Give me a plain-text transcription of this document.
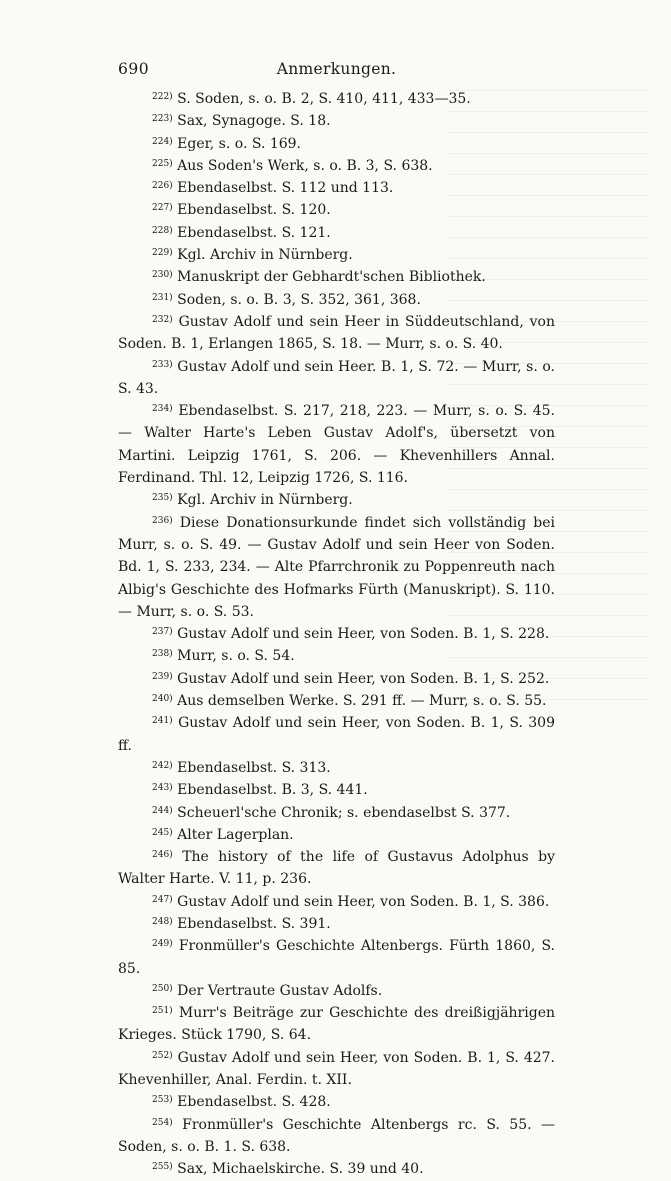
690	Anmerkungen.

$^{222)}$ S. Soden, s. o. B. 2, S. 410, 411, 433—35.

$^{223)}$ Sax, Synagoge. S. 18.

$^{224)}$ Eger, s. o. S. 169.

$^{225)}$ Aus Soden's Werk, s. o. B. 3, S. 638.

$^{226)}$ Ebendaselbst. S. 112 und 113.

$^{227)}$ Ebendaselbst. S. 120.

$^{228)}$ Ebendaselbst. S. 121.

$^{229)}$ Kgl. Archiv in Nürnberg.

$^{230)}$ Manuskript der Gebhardt'schen Bibliothek.

$^{231)}$ Soden, s. o. B. 3, S. 352, 361, 368.

$^{232)}$ Gustav Adolf und sein Heer in Süddeutschland, von Soden. B. 1, Erlangen 1865, S. 18. — Murr, s. o. S. 40.

$^{233)}$ Gustav Adolf und sein Heer. B. 1, S. 72. — Murr, s. o. S. 43.

$^{234)}$ Ebendaselbst. S. 217, 218, 223. — Murr, s. o. S. 45. — Walter Harte's Leben Gustav Adolf's, übersetzt von Martini. Leipzig 1761, S. 206. — Khevenhillers Annal. Ferdinand. Thl. 12, Leipzig 1726, S. 116.

$^{235)}$ Kgl. Archiv in Nürnberg.

$^{236)}$ Diese Donationsurkunde findet sich vollständig bei Murr, s. o. S. 49. — Gustav Adolf und sein Heer von Soden. Bd. 1, S. 233, 234. — Alte Pfarrchronik zu Poppenreuth nach Albig's Geschichte des Hofmarks Fürth (Manuskript). S. 110. — Murr, s. o. S. 53.

$^{237)}$ Gustav Adolf und sein Heer, von Soden. B. 1, S. 228.

$^{238)}$ Murr, s. o. S. 54.

$^{239)}$ Gustav Adolf und sein Heer, von Soden. B. 1, S. 252.

$^{240)}$ Aus demselben Werke. S. 291 ff. — Murr, s. o. S. 55.

$^{241)}$ Gustav Adolf und sein Heer, von Soden. B. 1, S. 309 ff.

$^{242)}$ Ebendaselbst. S. 313.

$^{243)}$ Ebendaselbst. B. 3, S. 441.

$^{244)}$ Scheuerl'sche Chronik; s. ebendaselbst S. 377.

$^{245)}$ Alter Lagerplan.

$^{246)}$ The history of the life of Gustavus Adolphus by Walter Harte. V. 11, p. 236.

$^{247)}$ Gustav Adolf und sein Heer, von Soden. B. 1, S. 386.

$^{248)}$ Ebendaselbst. S. 391.

$^{249)}$ Fronmüller's Geschichte Altenbergs. Fürth 1860, S. 85.

$^{250)}$ Der Vertraute Gustav Adolfs.

$^{251)}$ Murr's Beiträge zur Geschichte des dreißigjährigen Krieges. Stück 1790, S. 64.

$^{252)}$ Gustav Adolf und sein Heer, von Soden. B. 1, S. 427. Khevenhiller, Anal. Ferdin. t. XII.

$^{253)}$ Ebendaselbst. S. 428.

$^{254)}$ Fronmüller's Geschichte Altenbergs rc. S. 55. — Soden, s. o. B. 1. S. 638.

$^{255)}$ Sax, Michaelskirche. S. 39 und 40.
